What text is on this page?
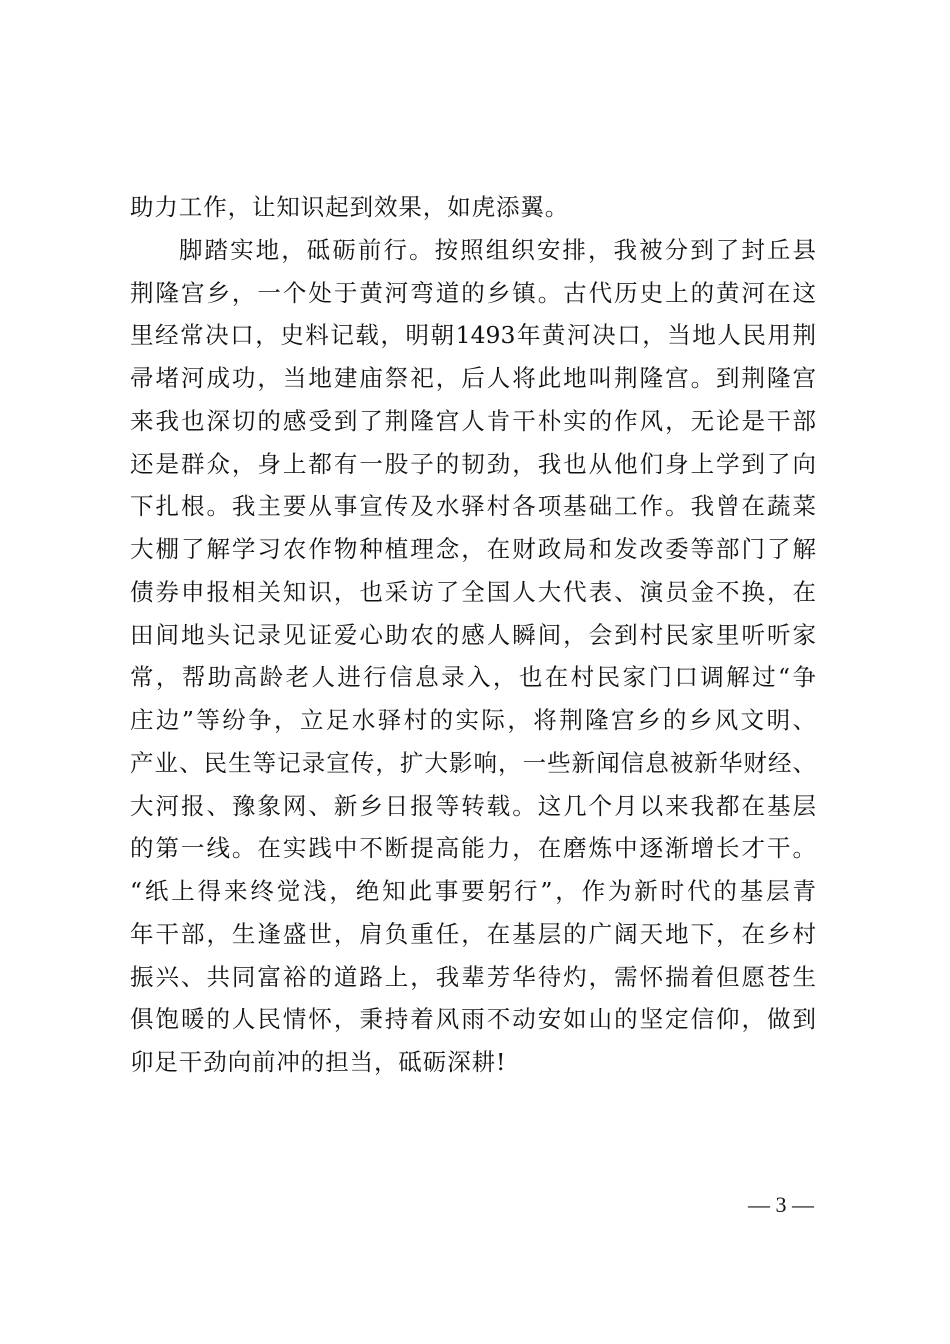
助力工作，让知识起到效果，如虎添翼。
脚踏实地，砥砺前行。按照组织安排，我被分到了封丘县
荆隆宫乡，一个处于黄河弯道的乡镇。古代历史上的黄河在这
里经常决口，史料记载，明朝1493年黄河决口，当地人民用荆
帚堵河成功，当地建庙祭祀，后人将此地叫荆隆宫。到荆隆宫
来我也深切的感受到了荆隆宫人肯干朴实的作风，无论是干部
还是群众，身上都有一股子的韧劲，我也从他们身上学到了向
下扎根。我主要从事宣传及水驿村各项基础工作。我曾在蔬菜
大棚了解学习农作物种植理念，在财政局和发改委等部门了解
债券申报相关知识，也采访了全国人大代表、演员金不换，在
田间地头记录见证爱心助农的感人瞬间，会到村民家里听听家
常，帮助高龄老人进行信息录入，也在村民家门口调解过“争
庄边”等纷争，立足水驿村的实际，将荆隆宫乡的乡风文明、
产业、民生等记录宣传，扩大影响，一些新闻信息被新华财经、
大河报、豫象网、新乡日报等转载。这几个月以来我都在基层
的第一线。在实践中不断提高能力，在磨炼中逐渐增长才干。
“纸上得来终觉浅，绝知此事要躬行”，作为新时代的基层青
年干部，生逢盛世，肩负重任，在基层的广阔天地下，在乡村
振兴、共同富裕的道路上，我辈芳华待灼，需怀揣着但愿苍生
俱饱暖的人民情怀，秉持着风雨不动安如山的坚定信仰，做到
卯足干劲向前冲的担当，砥砺深耕!
— 3 —
